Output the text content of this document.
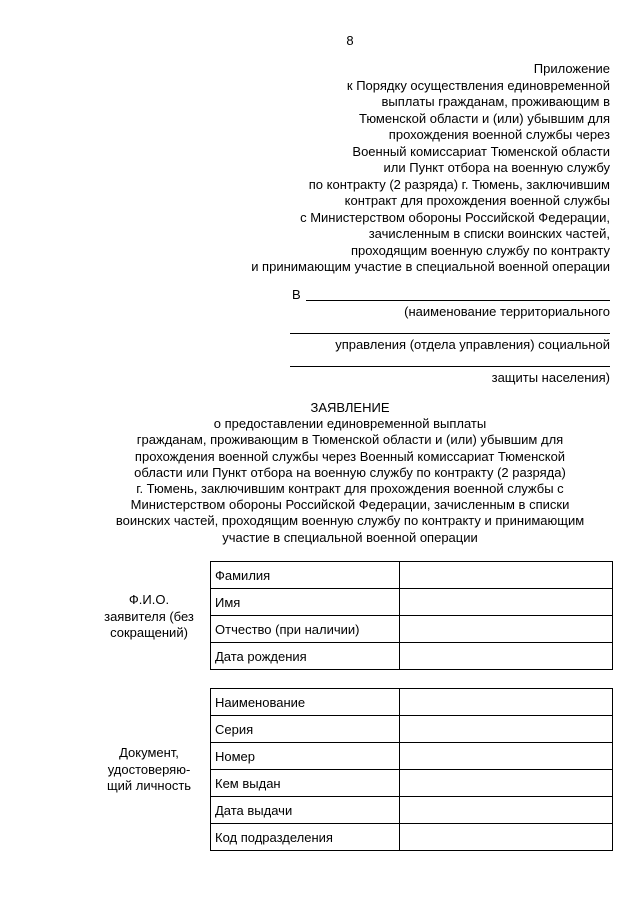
8
Приложение
к Порядку осуществления единовременной
выплаты гражданам, проживающим в
Тюменской области и (или) убывшим для
прохождения военной службы через
Военный комиссариат Тюменской области
или Пункт отбора на военную службу
по контракту (2 разряда) г. Тюмень, заключившим
контракт для прохождения военной службы
с Министерством обороны Российской Федерации,
зачисленным в списки воинских частей,
проходящим военную службу по контракту
и принимающим участие в специальной военной операции
В
(наименование территориального
управления (отдела управления) социальной
защиты населения)
ЗАЯВЛЕНИЕ
о предоставлении единовременной выплаты
гражданам, проживающим в Тюменской области и (или) убывшим для
прохождения военной службы через Военный комиссариат Тюменской
области или Пункт отбора на военную службу по контракту (2 разряда)
г. Тюмень, заключившим контракт для прохождения военной службы с
Министерством обороны Российской Федерации, зачисленным в списки
воинских частей, проходящим военную службу по контракту и принимающим
участие в специальной военной операции
Ф.И.О.
заявителя (без
сокращений)
Фамилия	
Имя	
Отчество (при наличии)	
Дата рождения	
Документ,
удостоверяю-
щий личность
Наименование	
Серия	
Номер	
Кем выдан	
Дата выдачи	
Код подразделения	
